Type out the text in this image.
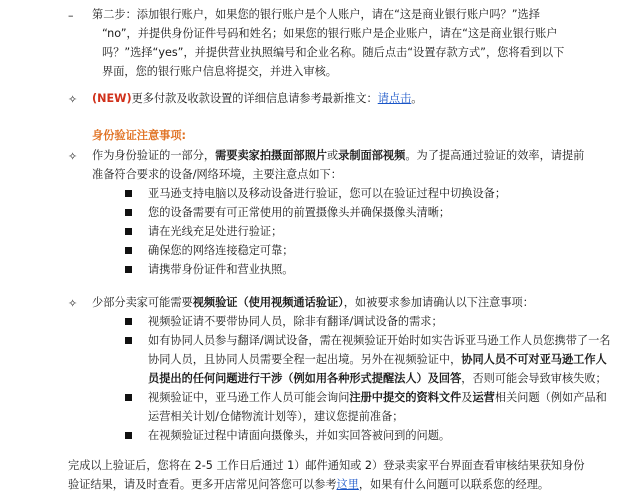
– 第二步：添加银行账户，如果您的银行账户是个人账户，请在“这是商业银行账户吗？”选择
“no”，并提供身份证件号码和姓名；如果您的银行账户是企业账户，请在“这是商业银行账户
吗？”选择“yes”，并提供营业执照编号和企业名称。随后点击“设置存款方式”，您将看到以下
界面，您的银行账户信息将提交，并进入审核。
✧ (NEW)更多付款及收款设置的详细信息请参考最新推文：请点击。
身份验证注意事项:
✧ 作为身份验证的一部分，需要卖家拍摄面部照片或录制面部视频。为了提高通过验证的效率，请提前
准备符合要求的设备/网络环境，主要注意点如下：
亚马逊支持电脑以及移动设备进行验证，您可以在验证过程中切换设备；
您的设备需要有可正常使用的前置摄像头并确保摄像头清晰；
请在光线充足处进行验证；
确保您的网络连接稳定可靠；
请携带身份证件和营业执照。
✧ 少部分卖家可能需要视频验证（使用视频通话验证），如被要求参加请确认以下注意事项：
视频验证请不要带协同人员，除非有翻译/调试设备的需求；
如有协同人员参与翻译/调试设备，需在视频验证开始时如实告诉亚马逊工作人员您携带了一名
协同人员，且协同人员需要全程一起出境。另外在视频验证中，协同人员不可对亚马逊工作人
员提出的任何问题进行干涉（例如用各种形式提醒法人）及回答，否则可能会导致审核失败；
视频验证中，亚马逊工作人员可能会询问注册中提交的资料文件及运营相关问题（例如产品和
运营相关计划/仓储物流计划等），建议您提前准备；
在视频验证过程中请面向摄像头，并如实回答被问到的问题。
完成以上验证后，您将在 2-5 工作日后通过 1）邮件通知或 2）登录卖家平台界面查看审核结果获知身份
验证结果，请及时查看。更多开店常见问答您可以参考这里，如果有什么问题可以联系您的经理。
